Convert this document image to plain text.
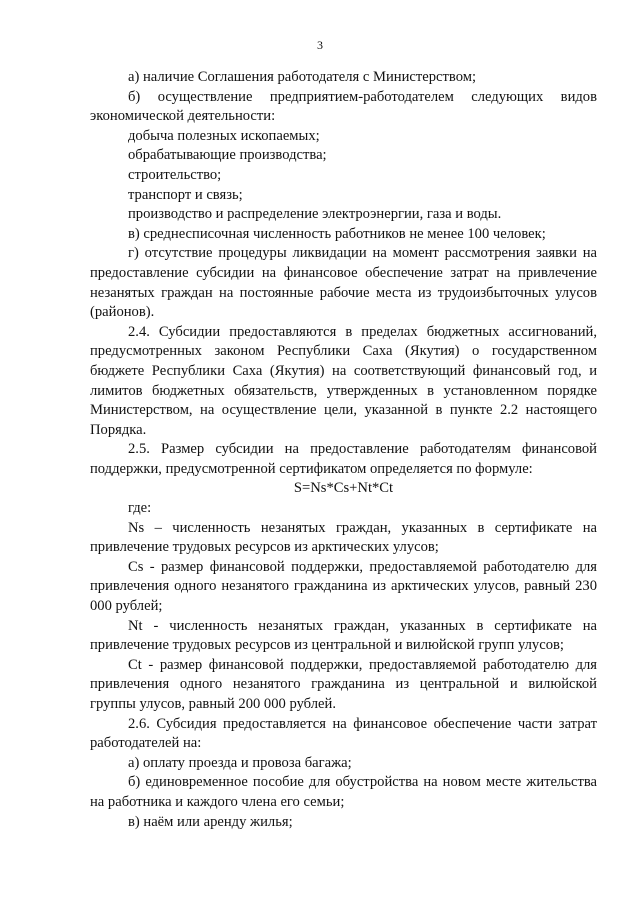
3

а) наличие Соглашения работодателя с Министерством;

б) осуществление предприятием-работодателем следующих видов экономической деятельности:

добыча полезных ископаемых;

обрабатывающие производства;

строительство;

транспорт и связь;

производство и распределение электроэнергии, газа и воды.

в) среднесписочная численность работников не менее 100 человек;

г) отсутствие процедуры ликвидации на момент рассмотрения заявки на предоставление субсидии на финансовое обеспечение затрат на привлечение незанятых граждан на постоянные рабочие места из трудоизбыточных улусов (районов).

2.4. Субсидии предоставляются в пределах бюджетных ассигнований, предусмотренных законом Республики Саха (Якутия) о государственном бюджете Республики Саха (Якутия) на соответствующий финансовый год, и лимитов бюджетных обязательств, утвержденных в установленном порядке Министерством, на осуществление цели, указанной в пункте 2.2 настоящего Порядка.

2.5. Размер субсидии на предоставление работодателям финансовой поддержки, предусмотренной сертификатом определяется по формуле:

S=Ns*Cs+Nt*Ct

где:

Ns – численность незанятых граждан, указанных в сертификате на привлечение трудовых ресурсов из арктических улусов;

Cs - размер финансовой поддержки, предоставляемой работодателю для привлечения одного незанятого гражданина из арктических улусов, равный 230 000 рублей;

Nt - численность незанятых граждан, указанных в сертификате на привлечение трудовых ресурсов из центральной и вилюйской групп улусов;

Ct - размер финансовой поддержки, предоставляемой работодателю для привлечения одного незанятого гражданина из центральной и вилюйской группы улусов, равный 200 000 рублей.

2.6. Субсидия предоставляется на финансовое обеспечение части затрат работодателей на:

а) оплату проезда и провоза багажа;

б) единовременное пособие для обустройства на новом месте жительства на работника и каждого члена его семьи;

в) наём или аренду жилья;
